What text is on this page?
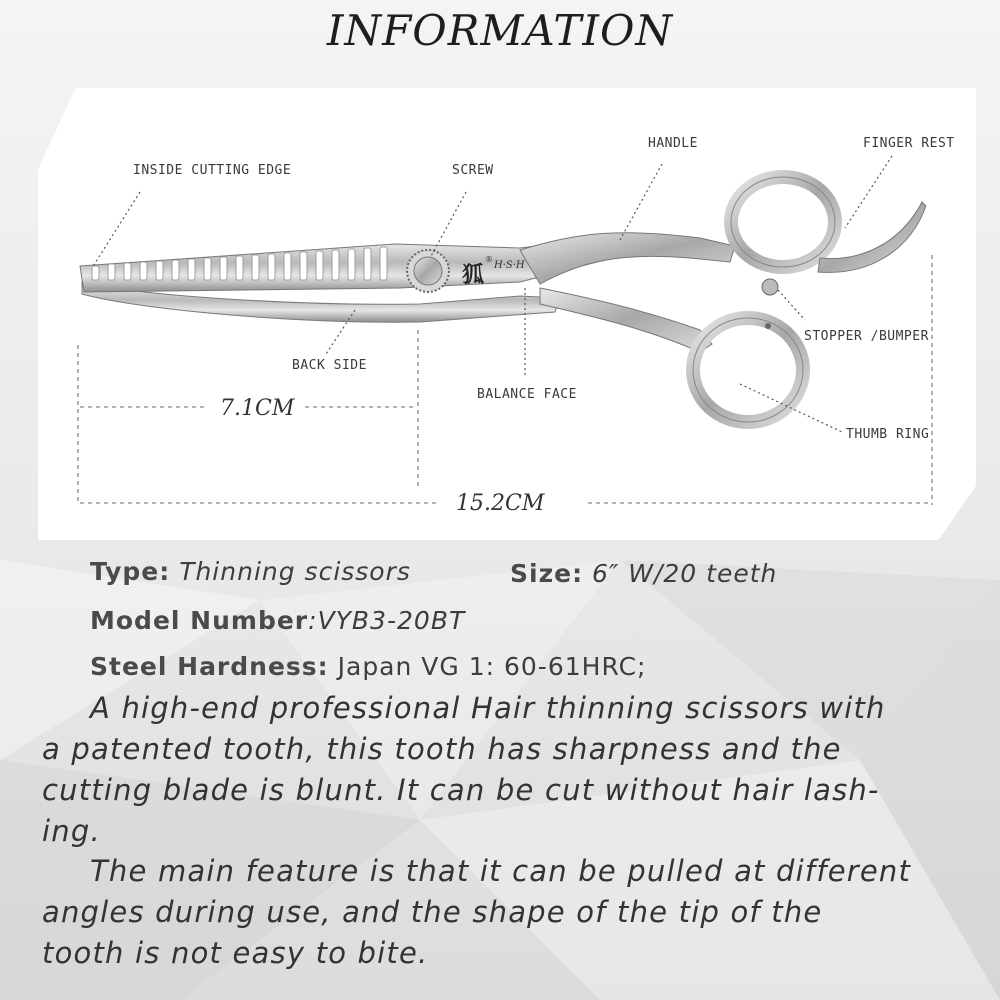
INFORMATION
狐
®
H·S·H
INSIDE CUTTING EDGE	SCREW
HANDLE	FINGER REST
BACK SIDE
BALANCE FACE
STOPPER /BUMPER
THUMB RING
7.1CM
15.2CM
Type: Thinning scissors	Size: 6″ W/20 teeth
Model Number:VYB3-20BT
Steel Hardness: Japan VG 1: 60-61HRC;
A high-end professional Hair thinning scissors with
a patented tooth, this tooth has sharpness and the
cutting blade is blunt. It can be cut without hair lash-
ing.
The main feature is that it can be pulled at different
angles during use, and the shape of the tip of the
tooth is not easy to bite.
